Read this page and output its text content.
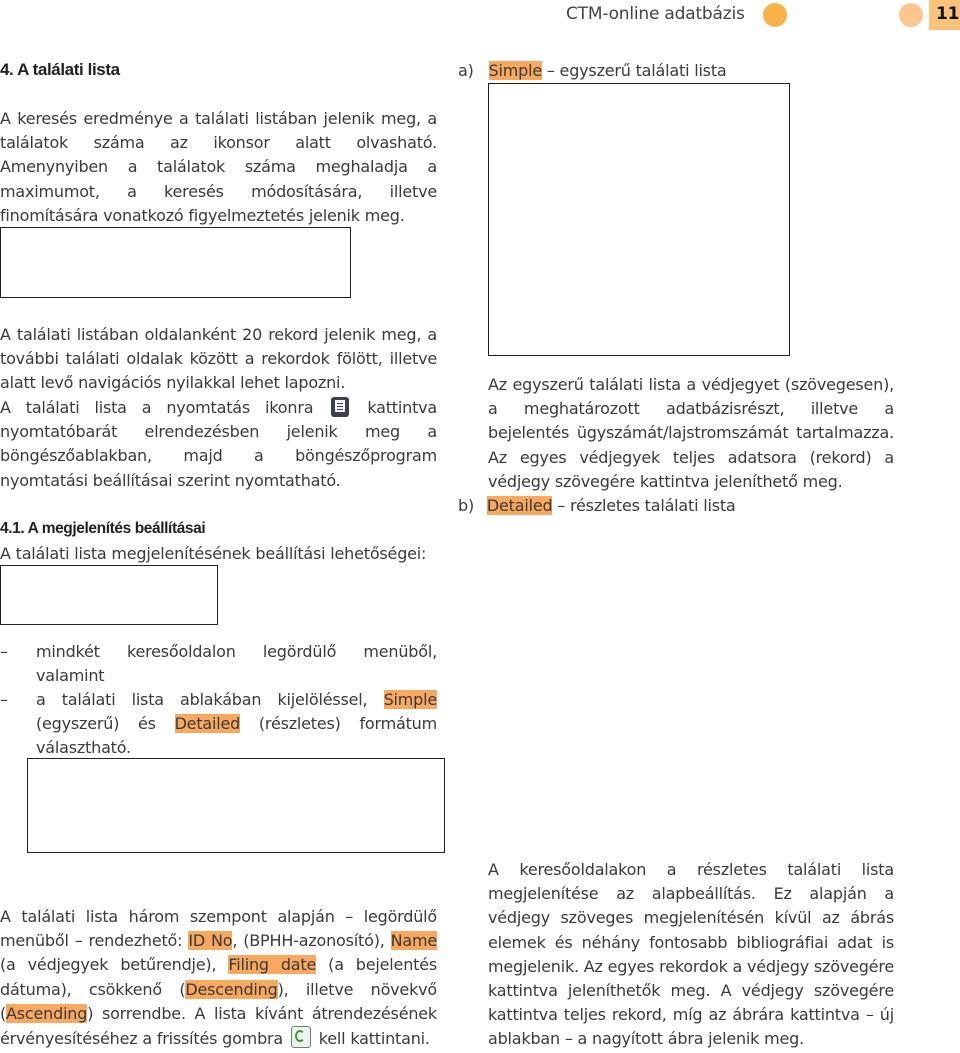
CTM-online adatbázis	11
4. A találati lista
A keresés eredménye a találati listában jelenik meg, a találatok száma az ikonsor alatt olvasható. Amenynyiben a találatok száma meghaladja a maximumot, a keresés módosítására, illetve finomítására vonatkozó figyelmeztetés jelenik meg.
A találati listában oldalanként 20 rekord jelenik meg, a további találati oldalak között a rekordok fölött, illetve alatt levő navigációs nyilakkal lehet lapozni.
A találati lista a nyomtatás ikonra	kattintva nyomtatóbarát elrendezésben jelenik meg a böngészőablakban, majd a böngészőprogram nyomtatási beállításai szerint nyomtatható.
4.1. A megjelenítés beállításai
A találati lista megjelenítésének beállítási lehetőségei:
– mindkét keresőoldalon legördülő menüből, valamint
– a találati lista ablakában kijelöléssel, Simple (egyszerű) és Detailed (részletes) formátum választható.
A találati lista három szempont alapján – legördülő menüből – rendezhető: ID No, (BPHH-azonosító), Name (a védjegyek betűrendje), Filing date (a bejelentés dátuma), csökkenő (Descending), illetve növekvő (Ascending) sorrendbe. A lista kívánt átrendezésének érvényesítéséhez a frissítés gombra kell kattintani.
a) Simple – egyszerű találati lista
Az egyszerű találati lista a védjegyet (szövegesen), a meghatározott adatbázisrészt, illetve a bejelentés ügyszámát/lajstromszámát tartalmazza. Az egyes védjegyek teljes adatsora (rekord) a védjegy szövegére kattintva jeleníthető meg.
b) Detailed – részletes találati lista
A keresőoldalakon a részletes találati lista megjelenítése az alapbeállítás. Ez alapján a védjegy szöveges megjelenítésén kívül az ábrás elemek és néhány fontosabb bibliográfiai adat is megjelenik. Az egyes rekordok a védjegy szövegére kattintva jeleníthetők meg. A védjegy szövegére kattintva teljes rekord, míg az ábrára kattintva – új ablakban – a nagyított ábra jelenik meg.
